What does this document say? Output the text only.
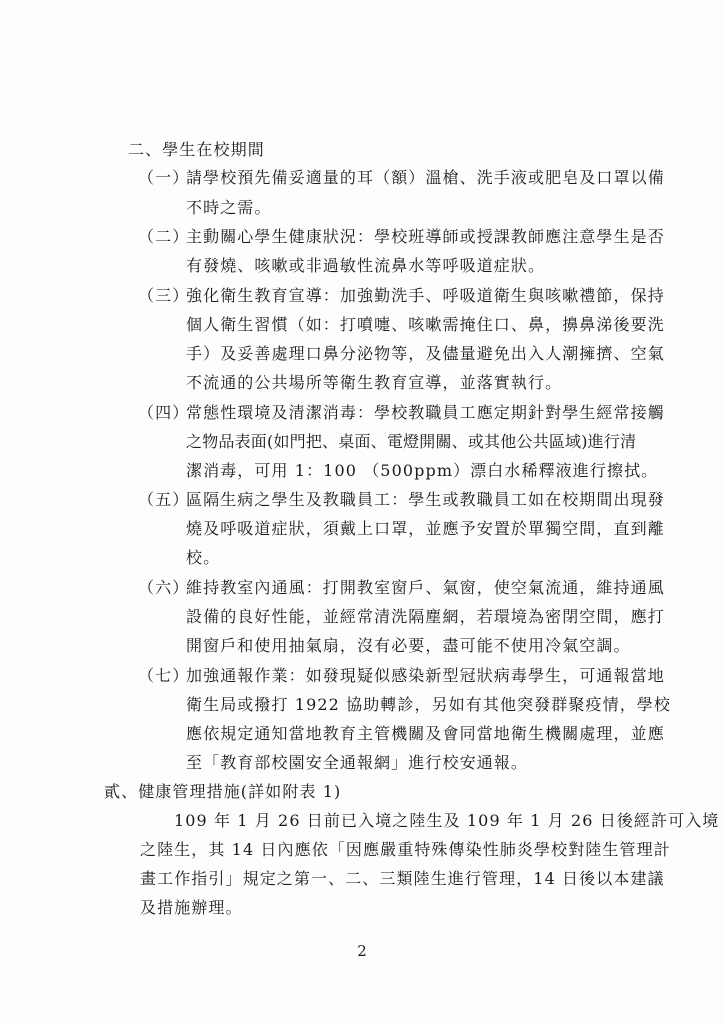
二、學生在校期間
（一）
請學校預先備妥適量的耳（額）溫槍、洗手液或肥皂及口罩以備
不時之需。
（二）
主動關心學生健康狀況：學校班導師或授課教師應注意學生是否
有發燒、咳嗽或非過敏性流鼻水等呼吸道症狀。
（三）
強化衛生教育宣導：加強勤洗手、呼吸道衛生與咳嗽禮節，保持
個人衛生習慣（如：打噴嚏、咳嗽需掩住口、鼻，擤鼻涕後要洗
手）及妥善處理口鼻分泌物等，及儘量避免出入人潮擁擠、空氣
不流通的公共場所等衛生教育宣導，並落實執行。
（四）
常態性環境及清潔消毒：學校教職員工應定期針對學生經常接觸
之物品表面(如門把、桌面、電燈開關、或其他公共區域)進行清
潔消毒，可用 1：100 （500ppm）漂白水稀釋液進行擦拭。
（五）
區隔生病之學生及教職員工：學生或教職員工如在校期間出現發
燒及呼吸道症狀，須戴上口罩，並應予安置於單獨空間，直到離
校。
（六）
維持教室內通風：打開教室窗戶、氣窗，使空氣流通，維持通風
設備的良好性能，並經常清洗隔塵網，若環境為密閉空間，應打
開窗戶和使用抽氣扇，沒有必要，盡可能不使用冷氣空調。
（七）
加強通報作業：如發現疑似感染新型冠狀病毒學生，可通報當地
衛生局或撥打 1922 協助轉診，另如有其他突發群聚疫情，學校
應依規定通知當地教育主管機關及會同當地衛生機關處理，並應
至「教育部校園安全通報網」進行校安通報。
貳、健康管理措施(詳如附表 1)
109 年 1 月 26 日前已入境之陸生及 109 年 1 月 26 日後經許可入境
之陸生，其 14 日內應依「因應嚴重特殊傳染性肺炎學校對陸生管理計
畫工作指引」規定之第一、二、三類陸生進行管理，14 日後以本建議
及措施辦理。
2
